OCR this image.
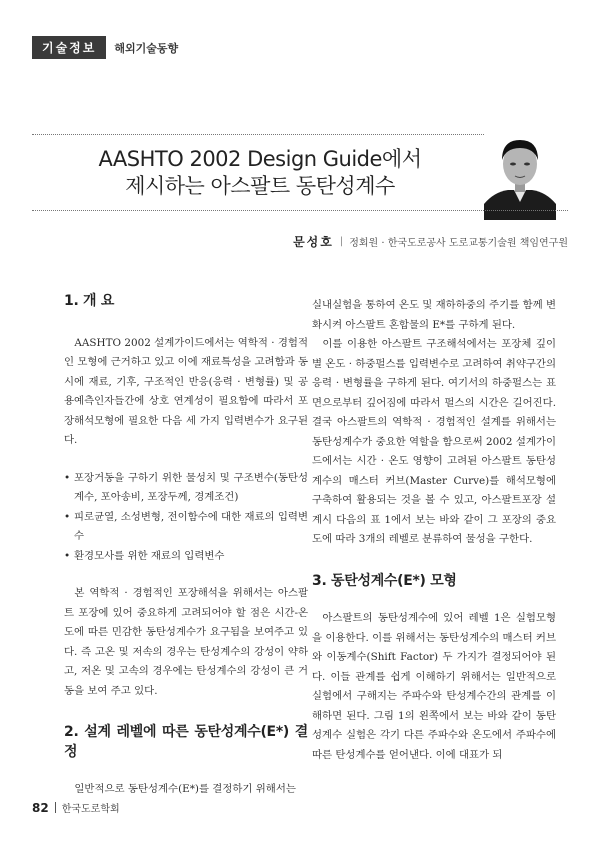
기술정보	해외기술동향
AASHTO 2002 Design Guide에서
제시하는 아스팔트 동탄성계수
문성호 | 정회원 · 한국도로공사 도로교통기술원 책임연구원
1. 개 요

AASHTO 2002 설계가이드에서는 역학적 · 경험적인 모형에 근거하고 있고 이에 재료특성을 고려함과 동시에 재료, 기후, 구조적인 반응(응력 · 변형률) 및 공용예측인자들간에 상호 연계성이 필요함에 따라서 포장해석모형에 필요한 다음 세 가지 입력변수가 요구된다.

• 포장거동을 구하기 위한 물성치 및 구조변수(동탄성계수, 포아송비, 포장두께, 경계조건)
• 피로균열, 소성변형, 전이함수에 대한 재료의 입력변수
• 환경모사를 위한 재료의 입력변수

본 역학적 · 경험적인 포장해석을 위해서는 아스팔트 포장에 있어 중요하게 고려되어야 할 점은 시간-온도에 따른 민감한 동탄성계수가 요구됨을 보여주고 있다. 즉 고온 및 저속의 경우는 탄성계수의 강성이 약하고, 저온 및 고속의 경우에는 탄성계수의 강성이 큰 거동을 보여 주고 있다.

2. 설계 레벨에 따른 동탄성계수(E*) 결정

일반적으로 동탄성계수(E*)를 결정하기 위해서는

실내실험을 통하여 온도 및 재하하중의 주기를 함께 변화시켜 아스팔트 혼합물의 E*를 구하게 된다.

이를 이용한 아스팔트 구조해석에서는 포장체 깊이별 온도 · 하중펄스를 입력변수로 고려하여 취약구간의 응력 · 변형률을 구하게 된다. 여기서의 하중펄스는 표면으로부터 깊어짐에 따라서 펄스의 시간은 길어진다. 결국 아스팔트의 역학적 · 경험적인 설계를 위해서는 동탄성계수가 중요한 역할을 함으로써 2002 설계가이드에서는 시간 · 온도 영향이 고려된 아스팔트 동탄성계수의 매스터 커브(Master Curve)를 해석모형에 구축하여 활용되는 것을 볼 수 있고, 아스팔트포장 설계시 다음의 표 1에서 보는 바와 같이 그 포장의 중요도에 따라 3개의 레벨로 분류하여 물성을 구한다.

3. 동탄성계수(E*) 모형

아스팔트의 동탄성계수에 있어 레벨 1은 실험모형을 이용한다. 이를 위해서는 동탄성계수의 매스터 커브와 이동계수(Shift Factor) 두 가지가 결정되어야 된다. 이들 관계를 쉽게 이해하기 위해서는 일반적으로 실험에서 구해지는 주파수와 탄성계수간의 관계를 이해하면 된다. 그림 1의 왼쪽에서 보는 바와 같이 동탄성계수 실험은 각기 다른 주파수와 온도에서 주파수에 따른 탄성계수를 얻어낸다. 이에 대표가 되

82 한국도로학회
